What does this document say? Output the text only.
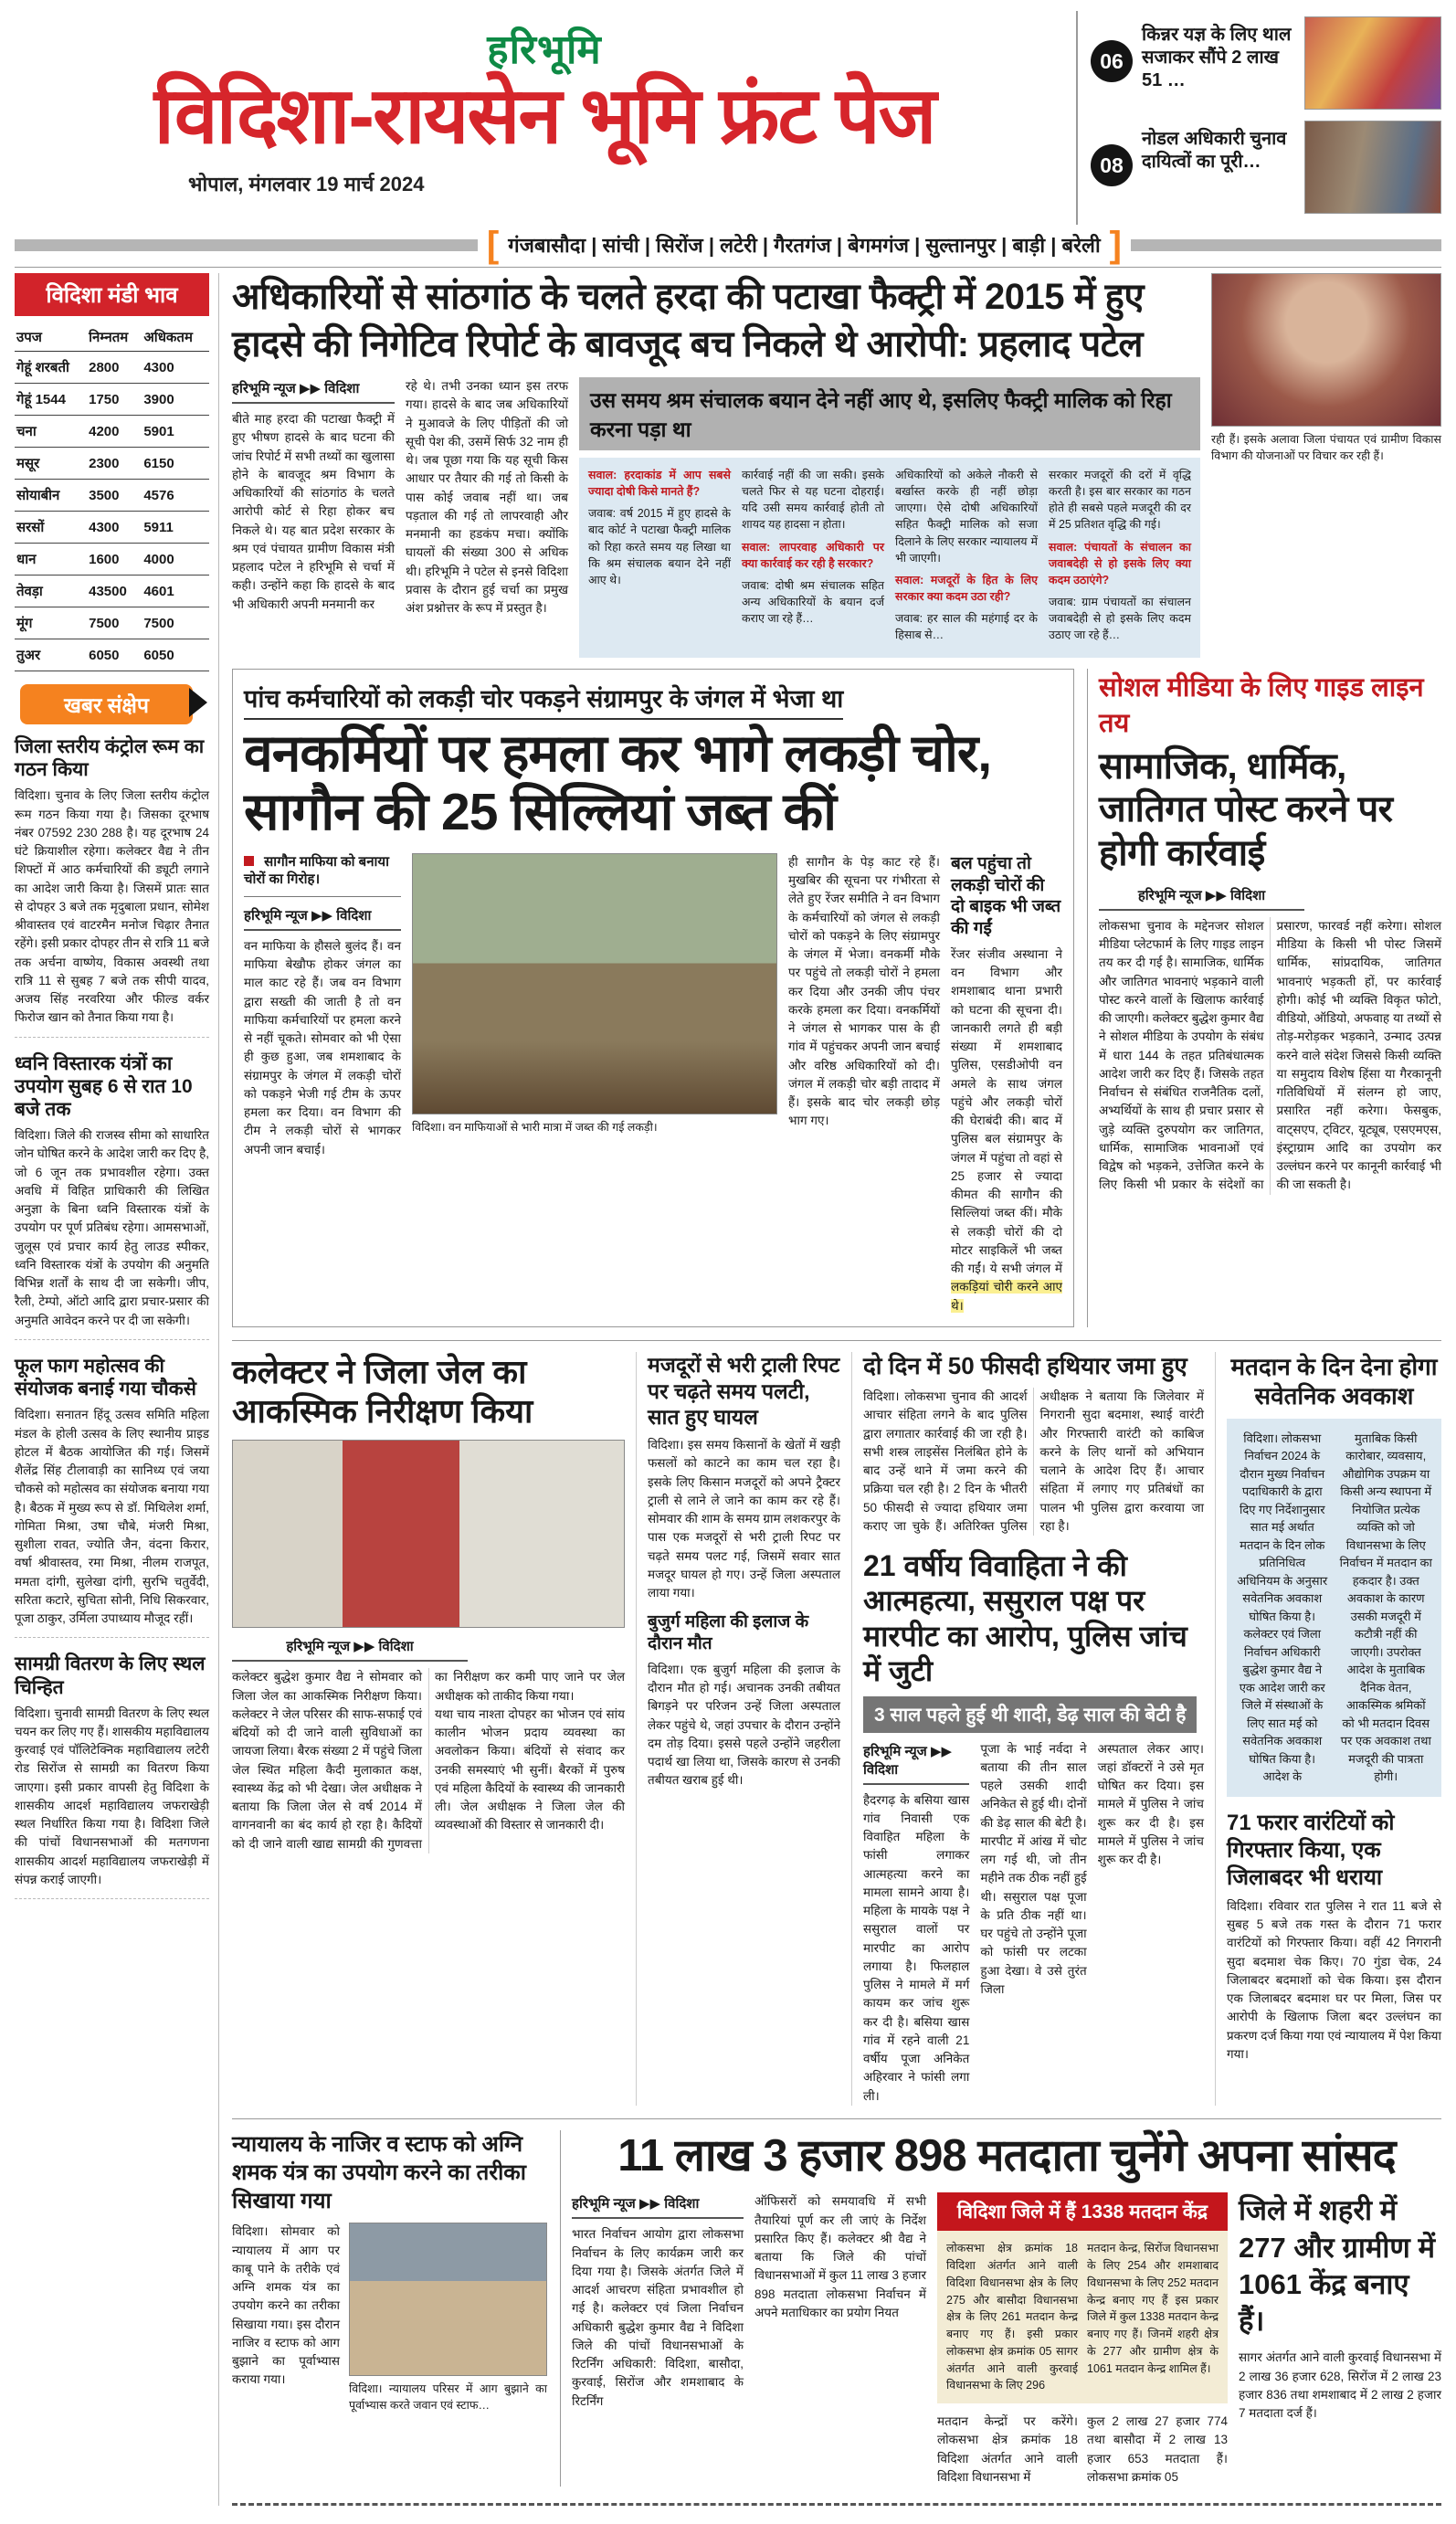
हरिभूमि
विदिशा-रायसेन भूमि फ्रंट पेज
भोपाल, मंगलवार 19 मार्च 2024
06
किन्नर यज्ञ के लिए थाल सजाकर सौंपे 2 लाख 51 …
08
नोडल अधिकारी चुनाव दायित्वों का पूरी…
[ गंजबासौदा | सांची | सिरोंज | लटेरी | गैरतगंज | बेगमगंज | सुल्तानपुर | बाड़ी | बरेली ]
विदिशा मंडी भाव
उपज	निम्नतम	अधिकतम
गेहूं शरबती	2800	4300
गेहूं 1544	1750	3900
चना	4200	5901
मसूर	2300	6150
सोयाबीन	3500	4576
सरसों	4300	5911
धान	1600	4000
तेवड़ा	43500	4601
मूंग	7500	7500
तुअर	6050	6050
खबर संक्षेप
जिला स्तरीय कंट्रोल रूम का गठन किया

विदिशा। चुनाव के लिए जिला स्तरीय कंट्रोल रूम गठन किया गया है। जिसका दूरभाष नंबर 07592 230 288 है। यह दूरभाष 24 घंटे क्रियाशील रहेगा। कलेक्टर वैद्य ने तीन शिफ्टों में आठ कर्मचारियों की ड्यूटी लगाने का आदेश जारी किया है। जिसमें प्रातः सात से दोपहर 3 बजे तक मृदुबाला प्रधान, सोमेश श्रीवास्तव एवं वाटरमैन मनोज चिढ़ार तैनात रहेंगे। इसी प्रकार दोपहर तीन से रात्रि 11 बजे तक अर्चना वाष्णेय, विकास अवस्थी तथा रात्रि 11 से सुबह 7 बजे तक सीपी यादव, अजय सिंह नरवरिया और फील्ड वर्कर फिरोज खान को तैनात किया गया है।

ध्वनि विस्तारक यंत्रों का उपयोग सुबह 6 से रात 10 बजे तक

विदिशा। जिले की राजस्व सीमा को साधारित जोन घोषित करने के आदेश जारी कर दिए है, जो 6 जून तक प्रभावशील रहेगा। उक्त अवधि में विहित प्राधिकारी की लिखित अनुज्ञा के बिना ध्वनि विस्तारक यंत्रों के उपयोग पर पूर्ण प्रतिबंध रहेगा। आमसभाओं, जुलूस एवं प्रचार कार्य हेतु लाउड स्पीकर, ध्वनि विस्तारक यंत्रों के उपयोग की अनुमति विभिन्न शर्तों के साथ दी जा सकेगी। जीप, रैली, टेम्पो, ऑटो आदि द्वारा प्रचार-प्रसार की अनुमति आवेदन करने पर दी जा सकेगी।

फूल फाग महोत्सव की संयोजक बनाई गया चौकसे

विदिशा। सनातन हिंदू उत्सव समिति महिला मंडल के होली उत्सव के लिए स्थानीय प्राइड होटल में बैठक आयोजित की गई। जिसमें शैलेंद्र सिंह टीलावाड़ी का सानिध्य एवं जया चौकसे को महोत्सव का संयोजक बनाया गया है। बैठक में मुख्य रूप से डॉ. मिथिलेश शर्मा, गोमिता मिश्रा, उषा चौबे, मंजरी मिश्रा, सुशीला रावत, ज्योति जैन, वंदना किरार, वर्षा श्रीवास्तव, रमा मिश्रा, नीलम राजपूत, ममता दांगी, सुलेखा दांगी, सुरभि चतुर्वेदी, सरिता कटारे, सुचिता सोनी, निधि सिकरवार, पूजा ठाकुर, उर्मिला उपाध्याय मौजूद रहीं।

सामग्री वितरण के लिए स्थल चिन्हित

विदिशा। चुनावी सामग्री वितरण के लिए स्थल चयन कर लिए गए हैं। शासकीय महाविद्यालय कुरवाई एवं पॉलिटेक्निक महाविद्यालय लटेरी रोड सिरोंज से सामग्री का वितरण किया जाएगा। इसी प्रकार वापसी हेतु विदिशा के शासकीय आदर्श महाविद्यालय जफराखेड़ी स्थल निर्धारित किया गया है। विदिशा जिले की पांचों विधानसभाओं की मतगणना शासकीय आदर्श महाविद्यालय जफराखेड़ी में संपन्न कराई जाएगी।

अधिकारियों से सांठगांठ के चलते हरदा की पटाखा फैक्ट्री में 2015 में हुए हादसे की निगेटिव रिपोर्ट के बावजूद बच निकले थे आरोपी: प्रहलाद पटेल
हरिभूमि न्यूज ▶▶ विदिशा

बीते माह हरदा की पटाखा फैक्ट्री में हुए भीषण हादसे के बाद घटना की जांच रिपोर्ट में सभी तथ्यों का खुलासा होने के बावजूद श्रम विभाग के अधिकारियों की सांठगांठ के चलते आरोपी कोर्ट से रिहा होकर बच निकले थे। यह बात प्रदेश सरकार के श्रम एवं पंचायत ग्रामीण विकास मंत्री प्रहलाद पटेल ने हरिभूमि से चर्चा में कही। उन्होंने कहा कि हादसे के बाद भी अधिकारी अपनी मनमानी कर

रहे थे। तभी उनका ध्यान इस तरफ गया। हादसे के बाद जब अधिकारियों ने मुआवजे के लिए पीड़ितों की जो सूची पेश की, उसमें सिर्फ 32 नाम ही थे। जब पूछा गया कि यह सूची किस आधार पर तैयार की गई तो किसी के पास कोई जवाब नहीं था। जब पड़ताल की गई तो लापरवाही और मनमानी का हडकंप मचा। क्योंकि घायलों की संख्या 300 से अधिक थी। हरिभूमि ने पटेल से इनसे विदिशा प्रवास के दौरान हुई चर्चा का प्रमुख अंश प्रश्नोत्तर के रूप में प्रस्तुत है।

उस समय श्रम संचालक बयान देने नहीं आए थे, इसलिए फैक्ट्री मालिक को रिहा करना पड़ा था

सवाल: हरदाकांड में आप सबसे ज्यादा दोषी किसे मानते हैं?

जवाब: वर्ष 2015 में हुए हादसे के बाद कोर्ट ने पटाखा फैक्ट्री मालिक को रिहा करते समय यह लिखा था कि श्रम संचालक बयान देने नहीं आए थे।

कार्रवाई नहीं की जा सकी। इसके चलते फिर से यह घटना दोहराई। यदि उसी समय कार्रवाई होती तो शायद यह हादसा न होता।

सवाल: लापरवाह अधिकारी पर क्या कार्रवाई कर रही है सरकार?

जवाब: दोषी श्रम संचालक सहित अन्य अधिकारियों के बयान दर्ज कराए जा रहे हैं…

अधिकारियों को अकेले नौकरी से बर्खास्त करके ही नहीं छोड़ा जाएगा। ऐसे दोषी अधिकारियों सहित फैक्ट्री मालिक को सजा दिलाने के लिए सरकार न्यायालय में भी जाएगी।

सवाल: मजदूरों के हित के लिए सरकार क्या कदम उठा रही?

जवाब: हर साल की महंगाई दर के हिसाब से…

सरकार मजदूरों की दरों में वृद्धि करती है। इस बार सरकार का गठन होते ही सबसे पहले मजदूरी की दर में 25 प्रतिशत वृद्धि की गई।

सवाल: पंचायतों के संचालन का जवाबदेही से हो इसके लिए क्या कदम उठाएंगे?

जवाब: ग्राम पंचायतों का संचालन जवाबदेही से हो इसके लिए कदम उठाए जा रहे हैं…

रही हैं। इसके अलावा जिला पंचायत एवं ग्रामीण विकास विभाग की योजनाओं पर विचार कर रही हैं।

पांच कर्मचारियों को लकड़ी चोर पकड़ने संग्रामपुर के जंगल में भेजा था
वनकर्मियों पर हमला कर भागे लकड़ी चोर, सागौन की 25 सिल्लियां जब्त कीं
सागौन माफिया को बनाया चोरों का गिरोह।
हरिभूमि न्यूज ▶▶ विदिशा

वन माफिया के हौसले बुलंद हैं। वन माफिया बेखौफ होकर जंगल का माल काट रहे हैं। जब वन विभाग द्वारा सख्ती की जाती है तो वन माफिया कर्मचारियों पर हमला करने से नहीं चूकते। सोमवार को भी ऐसा ही कुछ हुआ, जब शमशाबाद के संग्रामपुर के जंगल में लकड़ी चोरों को पकड़ने भेजी गई टीम के ऊपर हमला कर दिया। वन विभाग की टीम ने लकड़ी चोरों से भागकर अपनी जान बचाई।

विदिशा। वन माफियाओं से भारी मात्रा में जब्त की गई लकड़ी।

ही सागौन के पेड़ काट रहे हैं। मुखबिर की सूचना पर गंभीरता से लेते हुए रेंजर समीति ने वन विभाग के कर्मचारियों को जंगल से लकड़ी चोरों को पकड़ने के लिए संग्रामपुर के जंगल में भेजा। वनकर्मी मौके पर पहुंचे तो लकड़ी चोरों ने हमला कर दिया और उनकी जीप पंचर करके हमला कर दिया। वनकर्मियों ने जंगल से भागकर पास के ही गांव में पहुंचकर अपनी जान बचाई और वरिष्ठ अधिकारियों को दी। जंगल में लकड़ी चोर बड़ी तादाद में हैं। इसके बाद चोर लकड़ी छोड़ भाग गए।

बल पहुंचा तो लकड़ी चोरों की दो बाइक भी जब्त की गईं

रेंजर संजीव अस्थाना ने वन विभाग और शमशाबाद थाना प्रभारी को घटना की सूचना दी। जानकारी लगते ही बड़ी संख्या में शमशाबाद पुलिस, एसडीओपी वन अमले के साथ जंगल पहुंचे और लकड़ी चोरों की घेराबंदी की। बाद में पुलिस बल संग्रामपुर के जंगल में पहुंचा तो वहां से 25 हजार से ज्यादा कीमत की सागौन की सिल्लियां जब्त कीं। मौके से लकड़ी चोरों की दो मोटर साइकिलें भी जब्त की गईं। ये सभी जंगल में लकड़ियां चोरी करने आए थे।

सोशल मीडिया के लिए गाइड लाइन तय
सामाजिक, धार्मिक, जातिगत पोस्ट करने पर होगी कार्रवाई
हरिभूमि न्यूज ▶▶ विदिशा

लोकसभा चुनाव के मद्देनजर सोशल मीडिया प्लेटफार्म के लिए गाइड लाइन तय कर दी गई है। सामाजिक, धार्मिक और जातिगत भावनाएं भड़काने वाली पोस्ट करने वालों के खिलाफ कार्रवाई की जाएगी। कलेक्टर बुद्धेश कुमार वैद्य ने सोशल मीडिया के उपयोग के संबंध में धारा 144 के तहत प्रतिबंधात्मक आदेश जारी कर दिए हैं। जिसके तहत निर्वाचन से संबंधित राजनैतिक दलों, अभ्यर्थियों के साथ ही प्रचार प्रसार से जुड़े व्यक्ति दुरुपयोग कर जातिगत, धार्मिक, सामाजिक भावनाओं एवं विद्वेष को भड़कने, उत्तेजित करने के लिए किसी भी प्रकार के संदेशों का प्रसारण, फारवर्ड नहीं करेगा। सोशल मीडिया के किसी भी पोस्ट जिसमें धार्मिक, सांप्रदायिक, जातिगत भावनाएं भड़कती हों, पर कार्रवाई होगी। कोई भी व्यक्ति विकृत फोटो, वीडियो, ऑडियो, अफवाह या तथ्यों से तोड़-मरोड़कर भड़काने, उन्माद उत्पन्न करने वाले संदेश जिससे किसी व्यक्ति या समुदाय विशेष हिंसा या गैरकानूनी गतिविधियों में संलग्न हो जाए, प्रसारित नहीं करेगा। फेसबुक, वाट्सएप, ट्विटर, यूट्यूब, एसएमएस, इंस्ट्राग्राम आदि का उपयोग कर उल्लंघन करने पर कानूनी कार्रवाई भी की जा सकती है।

कलेक्टर ने जिला जेल का आकस्मिक निरीक्षण किया
हरिभूमि न्यूज ▶▶ विदिशा

कलेक्टर बुद्धेश कुमार वैद्य ने सोमवार को जिला जेल का आकस्मिक निरीक्षण किया। कलेक्टर ने जेल परिसर की साफ-सफाई एवं बंदियों को दी जाने वाली सुविधाओं का जायजा लिया। बैरक संख्या 2 में पहुंचे जिला जेल स्थित महिला कैदी मुलाकात कक्ष, स्वास्थ्य केंद्र को भी देखा। जेल अधीक्षक ने बताया कि जिला जेल से वर्ष 2014 में वागनवानी का बंद कार्य हो रहा है। कैदियों को दी जाने वाली खाद्य सामग्री की गुणवत्ता का निरीक्षण कर कमी पाए जाने पर जेल अधीक्षक को ताकीद किया गया।

यथा चाय नाश्ता दोपहर का भोजन एवं सांय कालीन भोजन प्रदाय व्यवस्था का अवलोकन किया। बंदियों से संवाद कर उनकी समस्याएं भी सुनीं। बैरकों में पुरुष एवं महिला कैदियों के स्वास्थ्य की जानकारी ली। जेल अधीक्षक ने जिला जेल की व्यवस्थाओं की विस्तार से जानकारी दी।

मजदूरों से भरी ट्राली रिपट पर चढ़ते समय पलटी, सात हुए घायल

विदिशा। इस समय किसानों के खेतों में खड़ी फसलों को काटने का काम चल रहा है। इसके लिए किसान मजदूरों को अपने ट्रैक्टर ट्राली से लाने ले जाने का काम कर रहे हैं। सोमवार की शाम के समय ग्राम लशकरपुर के पास एक मजदूरों से भरी ट्राली रिपट पर चढ़ते समय पलट गई, जिसमें सवार सात मजदूर घायल हो गए। उन्हें जिला अस्पताल लाया गया।

बुजुर्ग महिला की इलाज के दौरान मौत

विदिशा। एक बुजुर्ग महिला की इलाज के दौरान मौत हो गई। अचानक उनकी तबीयत बिगड़ने पर परिजन उन्हें जिला अस्पताल लेकर पहुंचे थे, जहां उपचार के दौरान उन्होंने दम तोड़ दिया। इससे पहले उन्होंने जहरीला पदार्थ खा लिया था, जिसके कारण से उनकी तबीयत खराब हुई थी।

दो दिन में 50 फीसदी हथियार जमा हुए

विदिशा। लोकसभा चुनाव की आदर्श आचार संहिता लगने के बाद पुलिस द्वारा लगातार कार्रवाई की जा रही है। सभी शस्त्र लाइसेंस निलंबित होने के बाद उन्हें थाने में जमा करने की प्रक्रिया चल रही है। 2 दिन के भीतरी 50 फीसदी से ज्यादा हथियार जमा कराए जा चुके हैं। अतिरिक्त पुलिस अधीक्षक ने बताया कि जिलेवार में निगरानी सुदा बदमाश, स्थाई वारंटी और गिरफ्तारी वारंटी को काबिज करने के लिए थानों को अभियान चलाने के आदेश दिए हैं। आचार संहिता में लगाए गए प्रतिबंधों का पालन भी पुलिस द्वारा करवाया जा रहा है।

21 वर्षीय विवाहिता ने की आत्महत्या, ससुराल पक्ष पर मारपीट का आरोप, पुलिस जांच में जुटी
3 साल पहले हुई थी शादी, डेढ़ साल की बेटी है
हरिभूमि न्यूज ▶▶ विदिशा

हैदरगढ़ के बसिया खास गांव निवासी एक विवाहित महिला के फांसी लगाकर आत्महत्या करने का मामला सामने आया है। महिला के मायके पक्ष ने ससुराल वालों पर मारपीट का आरोप लगाया है। फिलहाल पुलिस ने मामले में मर्ग कायम कर जांच शुरू कर दी है। बसिया खास गांव में रहने वाली 21 वर्षीय पूजा अनिकेत अहिरवार ने फांसी लगा ली।

पूजा के भाई नर्वदा ने बताया की तीन साल पहले उसकी शादी अनिकेत से हुई थी। दोनों की डेढ़ साल की बेटी है। मारपीट में आंख में चोट लग गई थी, जो तीन महीने तक ठीक नहीं हुई थी। ससुराल पक्ष पूजा के प्रति ठीक नहीं था। घर पहुंचे तो उन्होंने पूजा को फांसी पर लटका हुआ देखा। वे उसे तुरंत जिला

अस्पताल लेकर आए। जहां डॉक्टरों ने उसे मृत घोषित कर दिया। इस मामले में पुलिस ने जांच शुरू कर दी है। इस मामले में पुलिस ने जांच शुरू कर दी है।

मतदान के दिन देना होगा सवेतनिक अवकाश

विदिशा। लोकसभा निर्वाचन 2024 के दौरान मुख्य निर्वाचन पदाधिकारी के द्वारा दिए गए निर्देशानुसार सात मई अर्थात मतदान के दिन लोक प्रतिनिधित्व अधिनियम के अनुसार सवेतनिक अवकाश घोषित किया है। कलेक्टर एवं जिला निर्वाचन अधिकारी बुद्धेश कुमार वैद्य ने एक आदेश जारी कर जिले में संस्थाओं के लिए सात मई को सवेतनिक अवकाश घोषित किया है। आदेश के

मुताबिक किसी कारोबार, व्यवसाय, औद्योगिक उपक्रम या किसी अन्य स्थापना में नियोजित प्रत्येक व्यक्ति को जो विधानसभा के लिए निर्वाचन में मतदान का हकदार है। उक्त अवकाश के कारण उसकी मजदूरी में कटौत्री नहीं की जाएगी। उपरोक्त आदेश के मुताबिक दैनिक वेतन, आकस्मिक श्रमिकों को भी मतदान दिवस पर एक अवकाश तथा मजदूरी की पात्रता होगी।

71 फरार वारंटियों को गिरफ्तार किया, एक जिलाबदर भी धराया

विदिशा। रविवार रात पुलिस ने रात 11 बजे से सुबह 5 बजे तक गस्त के दौरान 71 फरार वारंटियों को गिरफ्तार किया। वहीं 42 निगरानी सुदा बदमाश चेक किए। 70 गुंडा चेक, 24 जिलाबदर बदमाशों को चेक किया। इस दौरान एक जिलाबदर बदमाश घर पर मिला, जिस पर आरोपी के खिलाफ जिला बदर उल्लंघन का प्रकरण दर्ज किया गया एवं न्यायालय में पेश किया गया।

न्यायालय के नाजिर व स्टाफ को अग्नि शमक यंत्र का उपयोग करने का तरीका सिखाया गया

विदिशा। सोमवार को न्यायालय में आग पर काबू पाने के तरीके एवं अग्नि शमक यंत्र का उपयोग करने का तरीका सिखाया गया। इस दौरान नाजिर व स्टाफ को आग बुझाने का पूर्वाभ्यास कराया गया।

विदिशा। न्यायालय परिसर में आग बुझाने का पूर्वाभ्यास करते जवान एवं स्टाफ…

11 लाख 3 हजार 898 मतदाता चुनेंगे अपना सांसद
हरिभूमि न्यूज ▶▶ विदिशा

भारत निर्वाचन आयोग द्वारा लोकसभा निर्वाचन के लिए कार्यक्रम जारी कर दिया गया है। जिसके अंतर्गत जिले में आदर्श आचरण संहिता प्रभावशील हो गई है। कलेक्टर एवं जिला निर्वाचन अधिकारी बुद्धेश कुमार वैद्य ने विदिशा जिले की पांचों विधानसभाओं के रिटर्निंग अधिकारी: विदिशा, बासौदा, कुरवाई, सिरोंज और शमशाबाद के रिटर्निंग

ऑफिसरों को समयावधि में सभी तैयारियां पूर्ण कर ली जाएं के निर्देश प्रसारित किए हैं। कलेक्टर श्री वैद्य ने बताया कि जिले की पांचों विधानसभाओं में कुल 11 लाख 3 हजार 898 मतदाता लोकसभा निर्वाचन में अपने मताधिकार का प्रयोग नियत

विदिशा जिले में हैं 1338 मतदान केंद्र

लोकसभा क्षेत्र क्रमांक 18 विदिशा अंतर्गत आने वाली विदिशा विधानसभा क्षेत्र के लिए 275 और बासौदा विधानसभा क्षेत्र के लिए 261 मतदान केन्द्र बनाए गए हैं। इसी प्रकार लोकसभा क्षेत्र क्रमांक 05 सागर अंतर्गत आने वाली कुरवाई विधानसभा के लिए 296

मतदान केन्द्र, सिरोंज विधानसभा के लिए 254 और शमशाबाद विधानसभा के लिए 252 मतदान केन्द्र बनाए गए हैं इस प्रकार जिले में कुल 1338 मतदान केन्द्र बनाए गए हैं। जिनमें शहरी क्षेत्र के 277 और ग्रामीण क्षेत्र के 1061 मतदान केन्द्र शामिल हैं।

मतदान केन्द्रों पर करेंगे। लोकसभा क्षेत्र क्रमांक 18 विदिशा अंतर्गत आने वाली विदिशा विधानसभा में

कुल 2 लाख 27 हजार 774 तथा बासौदा में 2 लाख 13 हजार 653 मतदाता हैं। लोकसभा क्रमांक 05

जिले में शहरी में 277 और ग्रामीण में 1061 केंद्र बनाए हैं।

सागर अंतर्गत आने वाली कुरवाई विधानसभा में 2 लाख 36 हजार 628, सिरोंज में 2 लाख 23 हजार 836 तथा शमशाबाद में 2 लाख 2 हजार 7 मतदाता दर्ज हैं।
